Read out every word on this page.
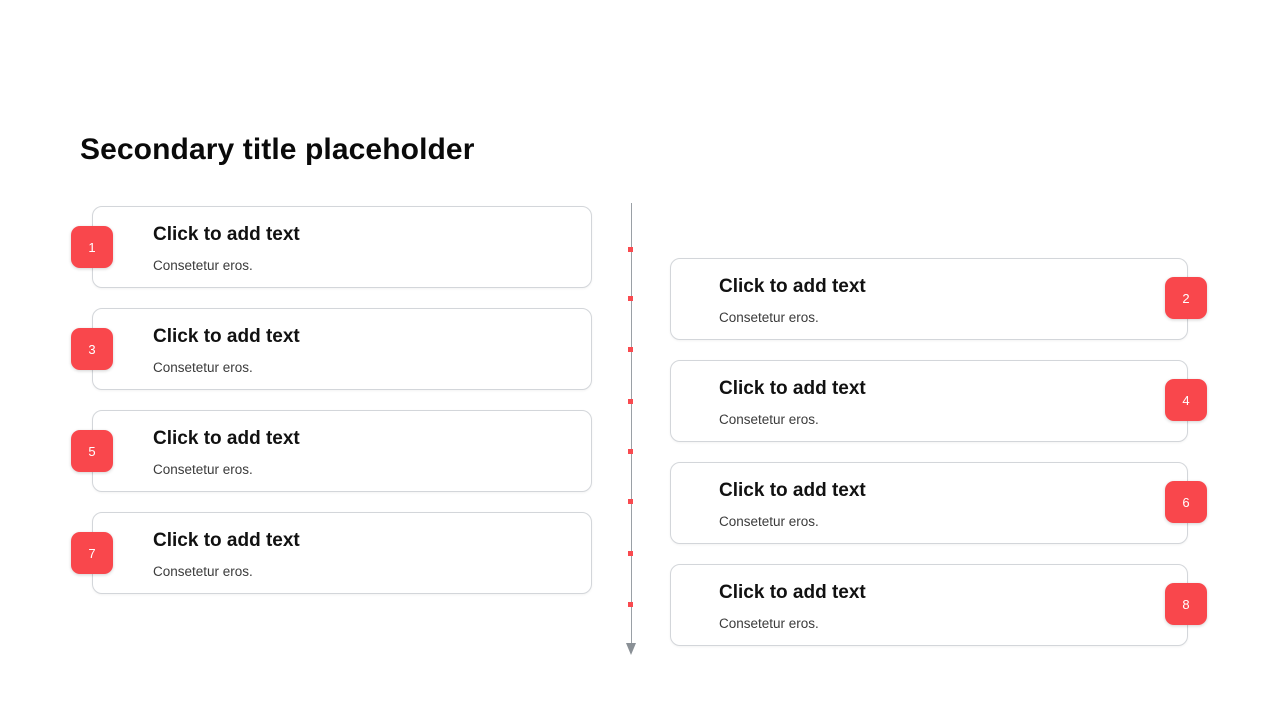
Secondary title placeholder
Click to add text
Consetetur eros.
1
Click to add text
Consetetur eros.
2
Click to add text
Consetetur eros.
3
Click to add text
Consetetur eros.
4
Click to add text
Consetetur eros.
5
Click to add text
Consetetur eros.
6
Click to add text
Consetetur eros.
7
Click to add text
Consetetur eros.
8
